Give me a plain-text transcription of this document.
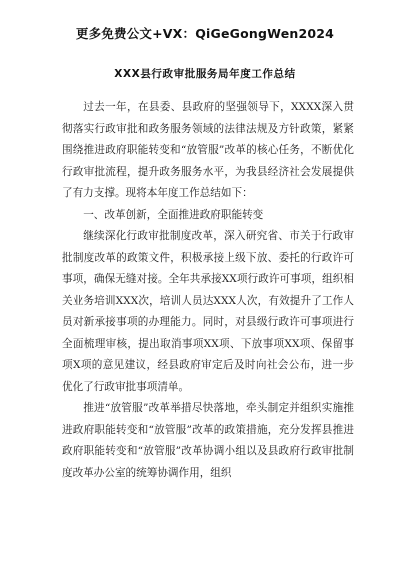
更多免费公文+VX：QiGeGongWen2024
XXX县行政审批服务局年度工作总结

过去一年，在县委、县政府的坚强领导下，XXXX深入贯彻落实行政审批和政务服务领域的法律法规及方针政策，紧紧围绕推进政府职能转变和“放管服”改革的核心任务，不断优化行政审批流程，提升政务服务水平，为我县经济社会发展提供了有力支撑。现将本年度工作总结如下：

一、改革创新，全面推进政府职能转变

继续深化行政审批制度改革，深入研究省、市关于行政审批制度改革的政策文件，积极承接上级下放、委托的行政许可事项，确保无缝对接。全年共承接XX项行政许可事项，组织相关业务培训XXX次，培训人员达XXX人次，有效提升了工作人员对新承接事项的办理能力。同时，对县级行政许可事项进行全面梳理审核，提出取消事项XX项、下放事项XX项、保留事项X项的意见建议，经县政府审定后及时向社会公布，进一步优化了行政审批事项清单。

推进“放管服”改革举措尽快落地，牵头制定并组织实施推进政府职能转变和“放管服”改革的政策措施，充分发挥县推进政府职能转变和“放管服”改革协调小组以及县政府行政审批制度改革办公室的统筹协调作用，组织
